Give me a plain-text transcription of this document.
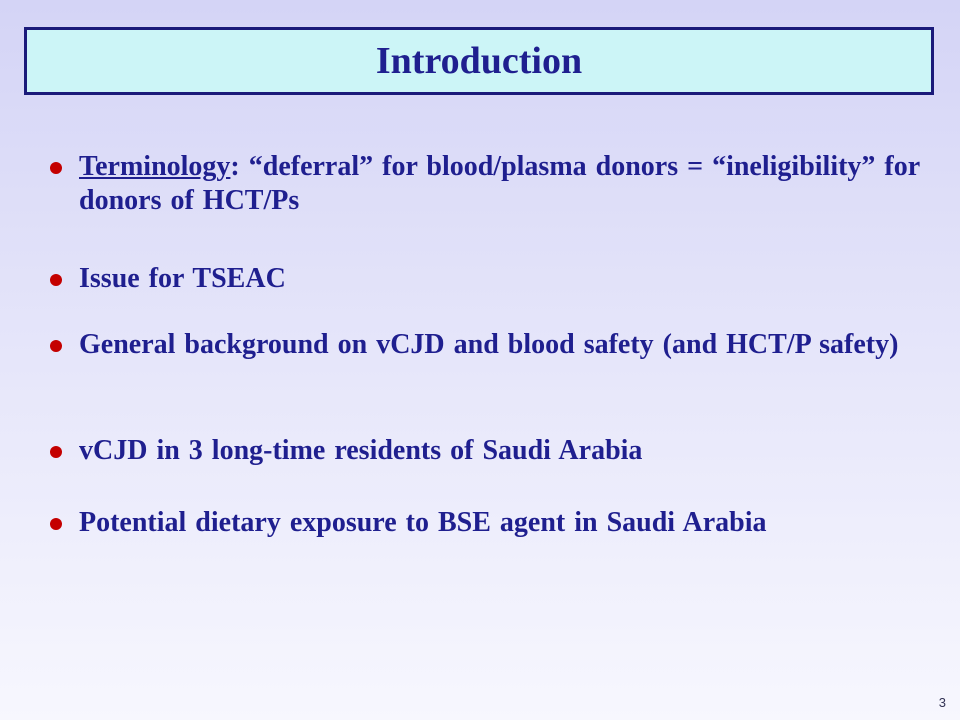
Introduction
Terminology: “deferral” for blood/plasma donors = “ineligibility” for donors of HCT/Ps
Issue for TSEAC
General background on vCJD and blood safety (and HCT/P safety)
vCJD in 3 long-time residents of Saudi Arabia
Potential dietary exposure to BSE agent in Saudi Arabia
3
